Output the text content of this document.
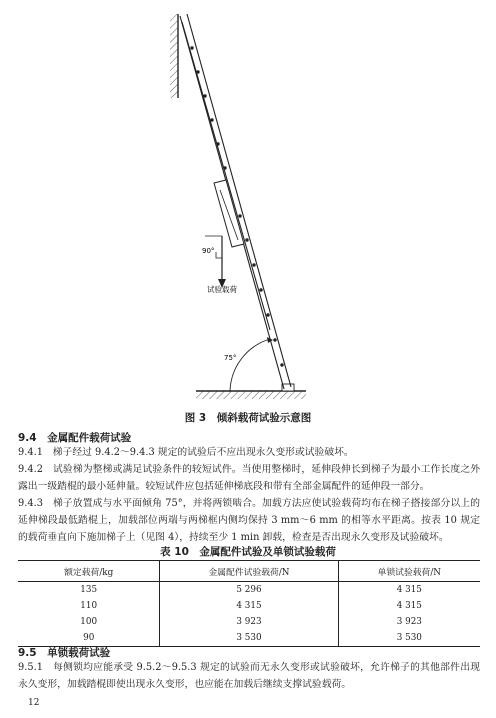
90°
试验载荷
75°
图 3　倾斜载荷试验示意图
9.4　金属配件载荷试验
9.4.1　梯子经过 9.4.2～9.4.3 规定的试验后不应出现永久变形或试验破坏。
9.4.2　试验梯为整梯或满足试验条件的较短试件。当使用整梯时，延伸段伸长到梯子为最小工作长度之外露出一级踏棍的最小延伸量。较短试件应包括延伸梯底段和带有全部金属配件的延伸段一部分。
9.4.3　梯子放置成与水平面倾角 75°，并将两锁啮合。加载方法应使试验载荷均布在梯子搭接部分以上的延伸梯段最低踏棍上，加载部位两端与两梯框内侧均保持 3 mm～6 mm 的相等水平距离。按表 10 规定的载荷垂直向下施加梯子上（见图 4），持续至少 1 min 卸载，检查是否出现永久变形及试验破坏。
表 10　金属配件试验及单锁试验载荷
额定载荷/kg	金属配件试验载荷/N	单锁试验载荷/N
135	5 296	4 315
110	4 315	4 315
100	3 923	3 923
90	3 530	3 530
9.5　单锁载荷试验
9.5.1　每侧锁均应能承受 9.5.2～9.5.3 规定的试验而无永久变形或试验破坏，允许梯子的其他部件出现永久变形，加载踏棍即使出现永久变形，也应能在加载后继续支撑试验载荷。
12
